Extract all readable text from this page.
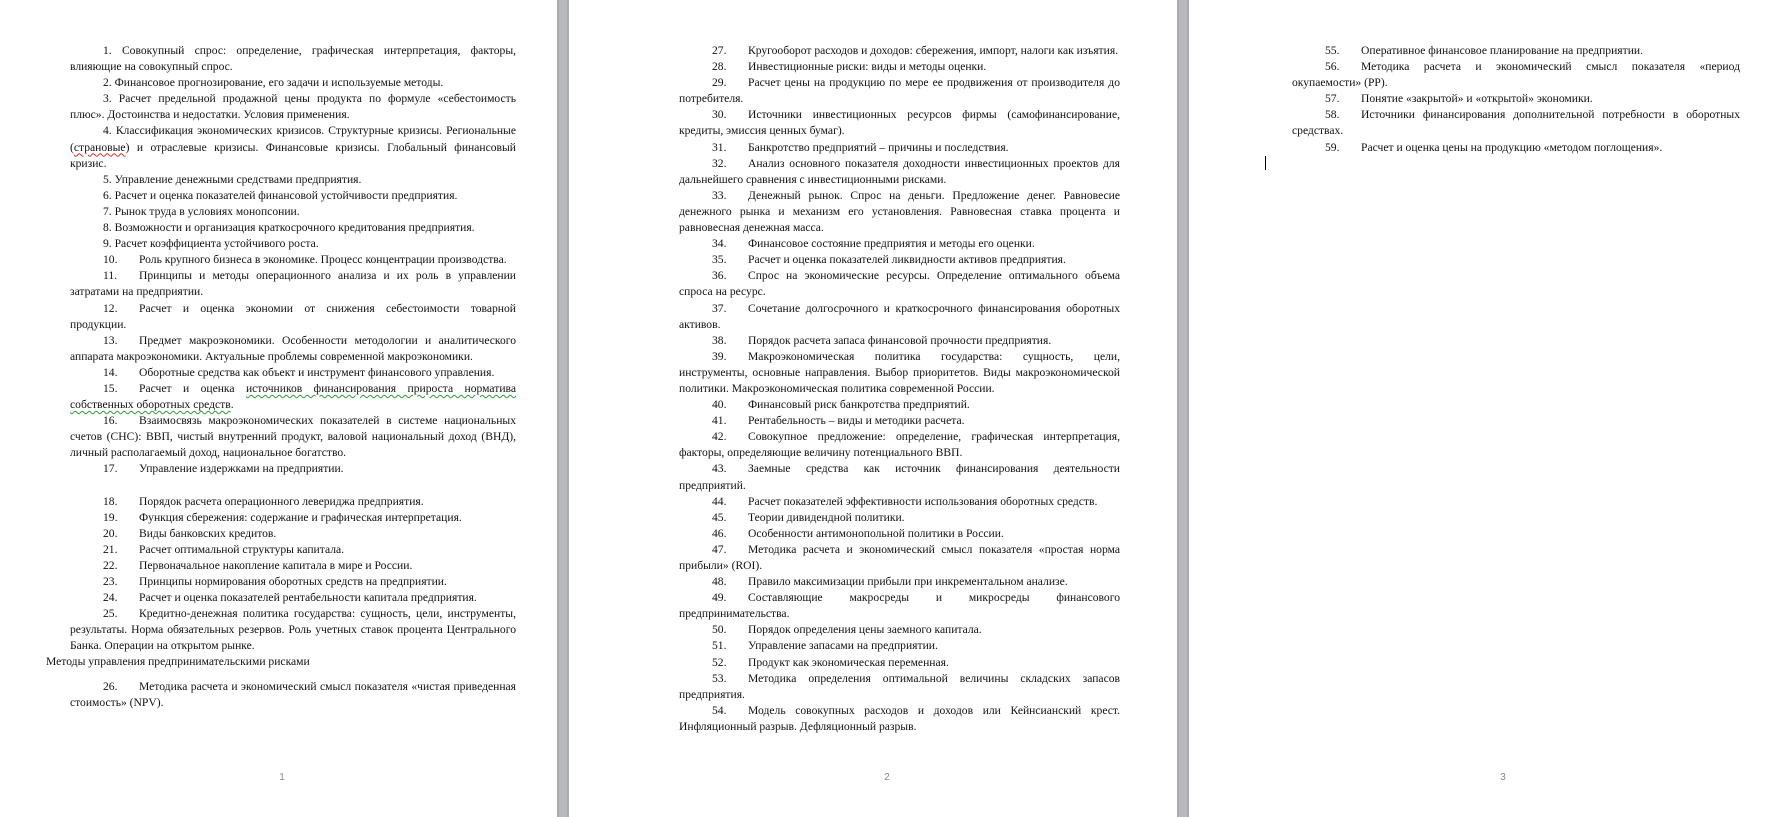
1. Совокупный спрос: определение, графическая интерпретация, факторы, влияющие на совокупный спрос.

2. Финансовое прогнозирование, его задачи и используемые методы.

3. Расчет предельной продажной цены продукта по формуле «себестоимость плюс». Достоинства и недостатки. Условия применения.

4. Классификация экономических кризисов. Структурные кризисы. Региональные (страновые) и отраслевые кризисы. Финансовые кризисы. Глобальный финансовый кризис.

5. Управление денежными средствами предприятия.

6. Расчет и оценка показателей финансовой устойчивости предприятия.

7. Рынок труда в условиях монопсонии.

8. Возможности и организация краткосрочного кредитования предприятия.

9. Расчет коэффициента устойчивого роста.

10. Роль крупного бизнеса в экономике. Процесс концентрации производства.

11. Принципы и методы операционного анализа и их роль в управлении затратами на предприятии.

12. Расчет и оценка экономии от снижения себестоимости товарной продукции.

13. Предмет макроэкономики. Особенности методологии и аналитического аппарата макроэкономики. Актуальные проблемы современной макроэкономики.

14. Оборотные средства как объект и инструмент финансового управления.

15. Расчет и оценка источников финансирования прироста норматива собственных оборотных средств.

16. Взаимосвязь макроэкономических показателей в системе национальных счетов (СНС): ВВП, чистый внутренний продукт, валовой национальный доход (ВНД), личный располагаемый доход, национальное богатство.

17. Управление издержками на предприятии.

18. Порядок расчета операционного левериджа предприятия.

19. Функция сбережения: содержание и графическая интерпретация.

20. Виды банковских кредитов.

21. Расчет оптимальной структуры капитала.

22. Первоначальное накопление капитала в мире и России.

23. Принципы нормирования оборотных средств на предприятии.

24. Расчет и оценка показателей рентабельности капитала предприятия.

25. Кредитно-денежная политика государства: сущность, цели, инструменты, результаты. Норма обязательных резервов. Роль учетных ставок процента Центрального Банка. Операции на открытом рынке.

Методы управления предпринимательскими рисками

26. Методика расчета и экономический смысл показателя «чистая приведенная стоимость» (NPV).

1

27. Кругооборот расходов и доходов: сбережения, импорт, налоги как изъятия.

28. Инвестиционные риски: виды и методы оценки.

29. Расчет цены на продукцию по мере ее продвижения от производителя до потребителя.

30. Источники инвестиционных ресурсов фирмы (самофинансирование, кредиты, эмиссия ценных бумаг).

31. Банкротство предприятий – причины и последствия.

32. Анализ основного показателя доходности инвестиционных проектов для дальнейшего сравнения с инвестиционными рисками.

33. Денежный рынок. Спрос на деньги. Предложение денег. Равновесие денежного рынка и механизм его установления. Равновесная ставка процента и равновесная денежная масса.

34. Финансовое состояние предприятия и методы его оценки.

35. Расчет и оценка показателей ликвидности активов предприятия.

36. Спрос на экономические ресурсы. Определение оптимального объема спроса на ресурс.

37. Сочетание долгосрочного и краткосрочного финансирования оборотных активов.

38. Порядок расчета запаса финансовой прочности предприятия.

39. Макроэкономическая политика государства: сущность, цели, инструменты, основные направления. Выбор приоритетов. Виды макроэкономической политики. Макроэкономическая политика современной России.

40. Финансовый риск банкротства предприятий.

41. Рентабельность – виды и методики расчета.

42. Совокупное предложение: определение, графическая интерпретация, факторы, определяющие величину потенциального ВВП.

43. Заемные средства как источник финансирования деятельности предприятий.

44. Расчет показателей эффективности использования оборотных средств.

45. Теории дивидендной политики.

46. Особенности антимонопольной политики в России.

47. Методика расчета и экономический смысл показателя «простая норма прибыли» (ROI).

48. Правило максимизации прибыли при инкрементальном анализе.

49. Составляющие макросреды и микросреды финансового предпринимательства.

50. Порядок определения цены заемного капитала.

51. Управление запасами на предприятии.

52. Продукт как экономическая переменная.

53. Методика определения оптимальной величины складских запасов предприятия.

54. Модель совокупных расходов и доходов или Кейнсианский крест. Инфляционный разрыв. Дефляционный разрыв.

2

55. Оперативное финансовое планирование на предприятии.

56. Методика расчета и экономический смысл показателя «период окупаемости» (PP).

57. Понятие «закрытой» и «открытой» экономики.

58. Источники финансирования дополнительной потребности в оборотных средствах.

59. Расчет и оценка цены на продукцию «методом поглощения».

3
